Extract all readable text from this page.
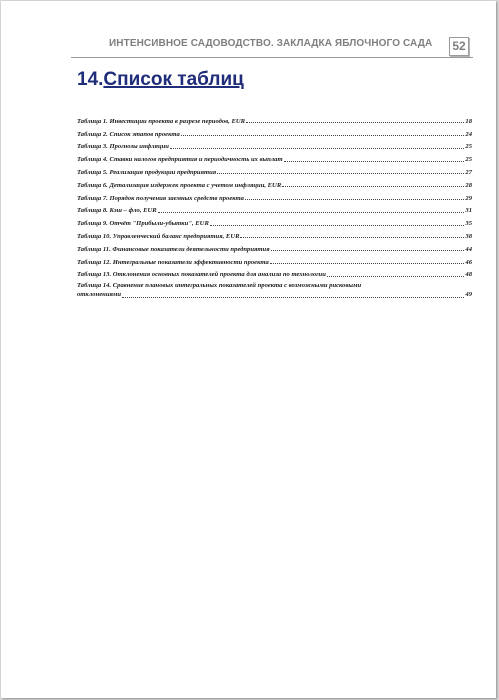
ИНТЕНСИВНОЕ САДОВОДСТВО. ЗАКЛАДКА ЯБЛОЧНОГО САДА 52
14.Список таблиц
Таблица 1. Инвестиции проекта в разрезе периодов, EUR	18
Таблица 2. Список этапов проекта	24
Таблица 3. Прогнозы инфляции	25
Таблица 4. Ставки налогов предприятия и периодичность их выплат	25
Таблица 5. Реализация продукции предприятия	27
Таблица 6. Детализация издержек проекта с учетом инфляции, EUR	28
Таблица 7. Порядок получения заемных средств проекта	29
Таблица 8. Кэш – фло, EUR	31
Таблица 9. Отчёт "Прибыли-убытки", EUR	35
Таблица 10. Управленческий баланс предприятия, EUR	38
Таблица 11. Финансовые показатели деятельности предприятия	44
Таблица 12. Интегральные показатели эффективности проекта	46
Таблица 13. Отклонения основных показателей проекта для анализа по технологии	48
Таблица 14. Сравнение плановых интегральных показателей проекта с возможными рисковыми
отклонениями	49
